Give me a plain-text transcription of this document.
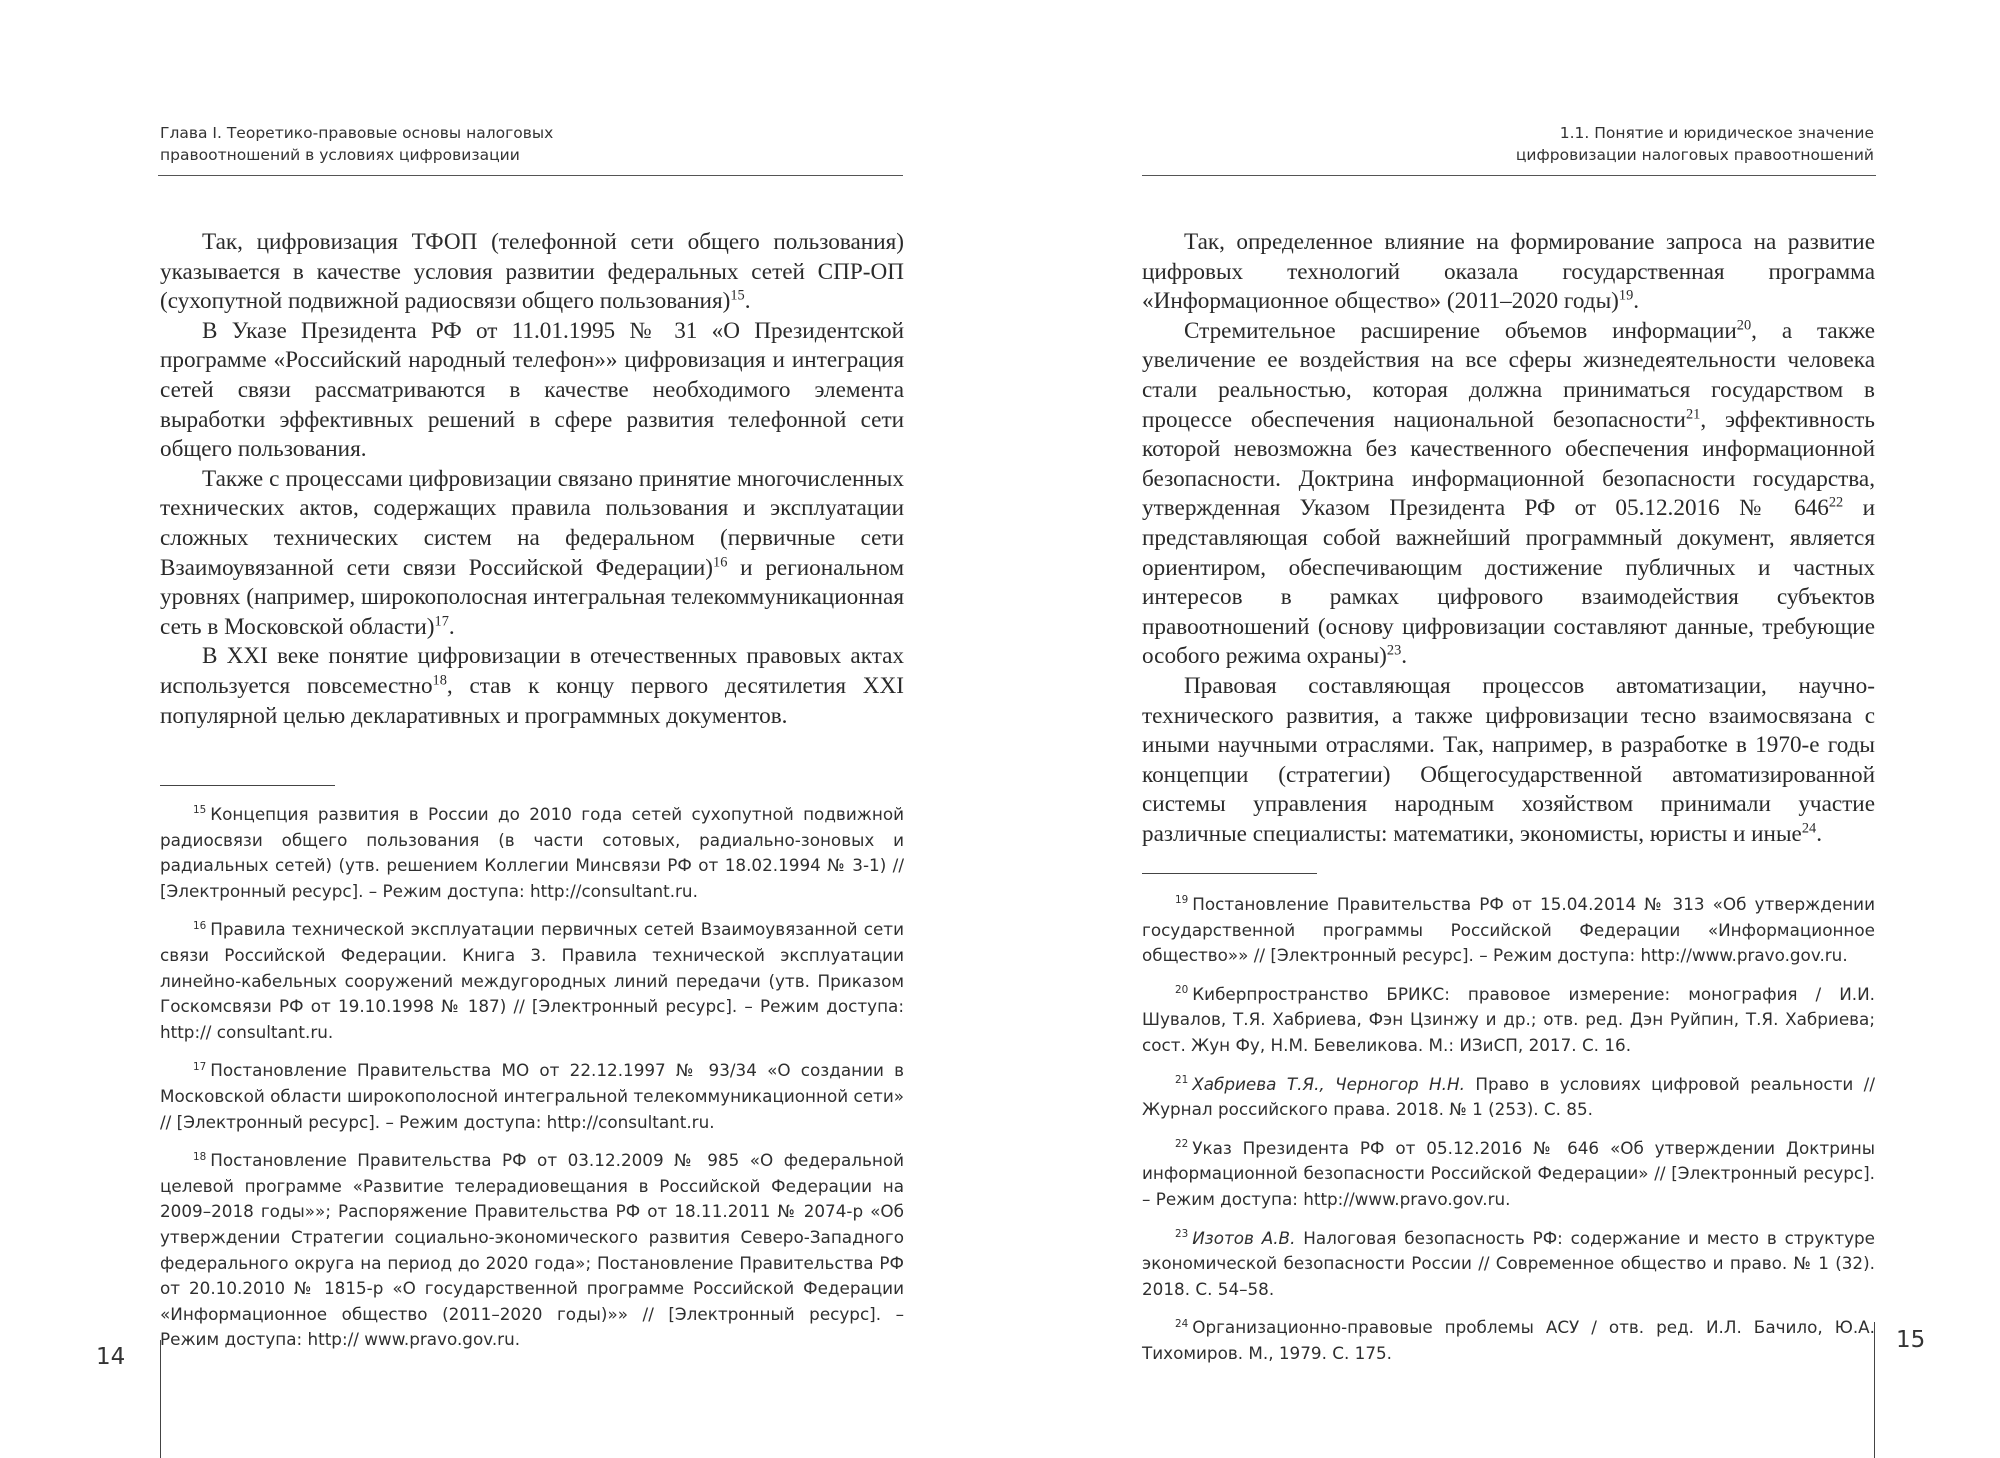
Глава I. Теоретико-правовые основы налоговых
правоотношений в условиях цифровизации

Так, цифровизация ТФОП (телефонной сети общего пользования) указывается в качестве условия развитии федеральных сетей СПР-ОП (сухопутной подвижной радиосвязи общего пользования)$^{15}$.

В Указе Президента РФ от 11.01.1995 № 31 «О Президентской программе «Российский народный телефон»» цифровизация и интеграция сетей связи рассматриваются в качестве необходимого элемента выработки эффективных решений в сфере развития телефонной сети общего пользования.

Также с процессами цифровизации связано принятие многочисленных технических актов, содержащих правила пользования и эксплуатации сложных технических систем на федеральном (первичные сети Взаимоувязанной сети связи Российской Федерации)$^{16}$ и региональном уровнях (например, широкополосная интегральная телекоммуникационная сеть в Московской области)$^{17}$.

В XXI веке понятие цифровизации в отечественных правовых актах используется повсеместно$^{18}$, став к концу первого десятилетия XXI популярной целью декларативных и программных документов.

$^{15}$ Концепция развития в России до 2010 года сетей сухопутной подвижной радиосвязи общего пользования (в части сотовых, радиально-зоновых и радиальных сетей) (утв. решением Коллегии Минсвязи РФ от 18.02.1994 № 3-1) // [Электронный ресурс]. – Режим доступа: http://consultant.ru.

$^{16}$ Правила технической эксплуатации первичных сетей Взаимоувязанной сети связи Российской Федерации. Книга 3. Правила технической эксплуатации линейно-кабельных сооружений междугородных линий передачи (утв. Приказом Госкомсвязи РФ от 19.10.1998 № 187) // [Электронный ресурс]. – Режим доступа: http:// consultant.ru.

$^{17}$ Постановление Правительства МО от 22.12.1997 № 93/34 «О создании в Московской области широкополосной интегральной телекоммуникационной сети» // [Электронный ресурс]. – Режим доступа: http://consultant.ru.

$^{18}$ Постановление Правительства РФ от 03.12.2009 № 985 «О федеральной целевой программе «Развитие телерадиовещания в Российской Федерации на 2009–2018 годы»»; Распоряжение Правительства РФ от 18.11.2011 № 2074-р «Об утверждении Стратегии социально-экономического развития Северо-Западного федерального округа на период до 2020 года»; Постановление Правительства РФ от 20.10.2010 № 1815-р «О государственной программе Российской Федерации «Информационное общество (2011–2020 годы)»» // [Электронный ресурс]. – Режим доступа: http:// www.pravo.gov.ru.

14
1.1. Понятие и юридическое значение
цифровизации налоговых правоотношений

Так, определенное влияние на формирование запроса на развитие цифровых технологий оказала государственная программа «Информационное общество» (2011–2020 годы)$^{19}$.

Стремительное расширение объемов информации$^{20}$, а также увеличение ее воздействия на все сферы жизнедеятельности человека стали реальностью, которая должна приниматься государством в процессе обеспечения национальной безопасности$^{21}$, эффективность которой невозможна без качественного обеспечения информационной безопасности. Доктрина информационной безопасности государства, утвержденная Указом Президента РФ от 05.12.2016 № $646^{22}$ и представляющая собой важнейший программный документ, является ориентиром, обеспечивающим достижение публичных и частных интересов в рамках цифрового взаимодействия субъектов правоотношений (основу цифровизации составляют данные, требующие особого режима охраны)$^{23}$.

Правовая составляющая процессов автоматизации, научно-технического развития, а также цифровизации тесно взаимосвязана с иными научными отраслями. Так, например, в разработке в 1970-е годы концепции (стратегии) Общегосударственной автоматизированной системы управления народным хозяйством принимали участие различные специалисты: математики, экономисты, юристы и иные$^{24}$.

$^{19}$ Постановление Правительства РФ от 15.04.2014 № 313 «Об утверждении государственной программы Российской Федерации «Информационное общество»» // [Электронный ресурс]. – Режим доступа: http://www.pravo.gov.ru.

$^{20}$ Киберпространство БРИКС: правовое измерение: монография / И.И. Шувалов, Т.Я. Хабриева, Фэн Цзинжу и др.; отв. ред. Дэн Руйпин, Т.Я. Хабриева; сост. Жун Фу, Н.М. Бевеликова. М.: ИЗиСП, 2017. С. 16.

$^{21}$ Хабриева Т.Я., Черногор Н.Н. Право в условиях цифровой реальности // Журнал российского права. 2018. № 1 (253). С. 85.

$^{22}$ Указ Президента РФ от 05.12.2016 № 646 «Об утверждении Доктрины информационной безопасности Российской Федерации» // [Электронный ресурс]. – Режим доступа: http://www.pravo.gov.ru.

$^{23}$ Изотов А.В. Налоговая безопасность РФ: содержание и место в структуре экономической безопасности России // Современное общество и право. № 1 (32). 2018. С. 54–58.

$^{24}$ Организационно-правовые проблемы АСУ / отв. ред. И.Л. Бачило, Ю.А. Тихомиров. М., 1979. С. 175.	15
